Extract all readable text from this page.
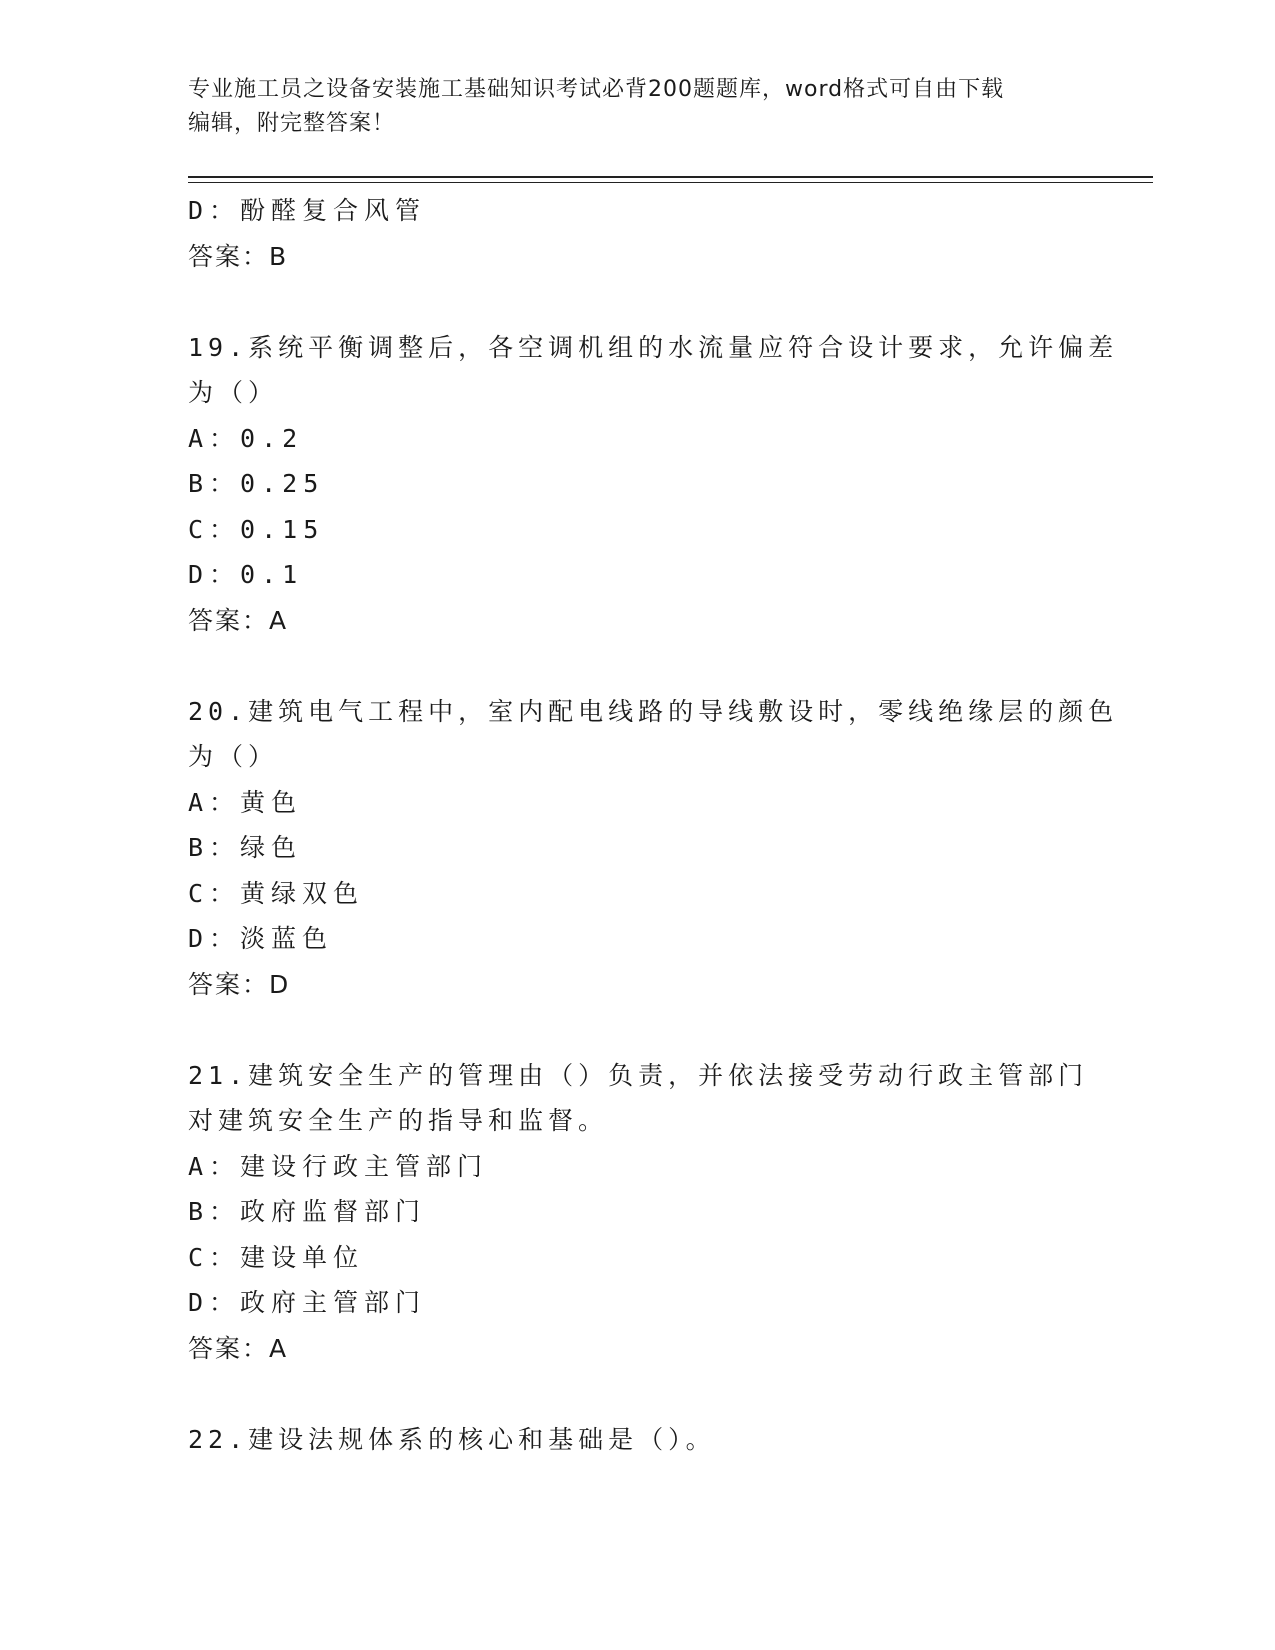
专业施工员之设备安装施工基础知识考试必背200题题库，word格式可自由下载
编辑，附完整答案！
D：酚醛复合风管
答案：B
19.系统平衡调整后，各空调机组的水流量应符合设计要求，允许偏差
为（）
A：0.2
B：0.25
C：0.15
D：0.1
答案：A
20.建筑电气工程中，室内配电线路的导线敷设时，零线绝缘层的颜色
为（）
A：黄色
B：绿色
C：黄绿双色
D：淡蓝色
答案：D
21.建筑安全生产的管理由（）负责，并依法接受劳动行政主管部门
对建筑安全生产的指导和监督。
A：建设行政主管部门
B：政府监督部门
C：建设单位
D：政府主管部门
答案：A
22.建设法规体系的核心和基础是（）。
